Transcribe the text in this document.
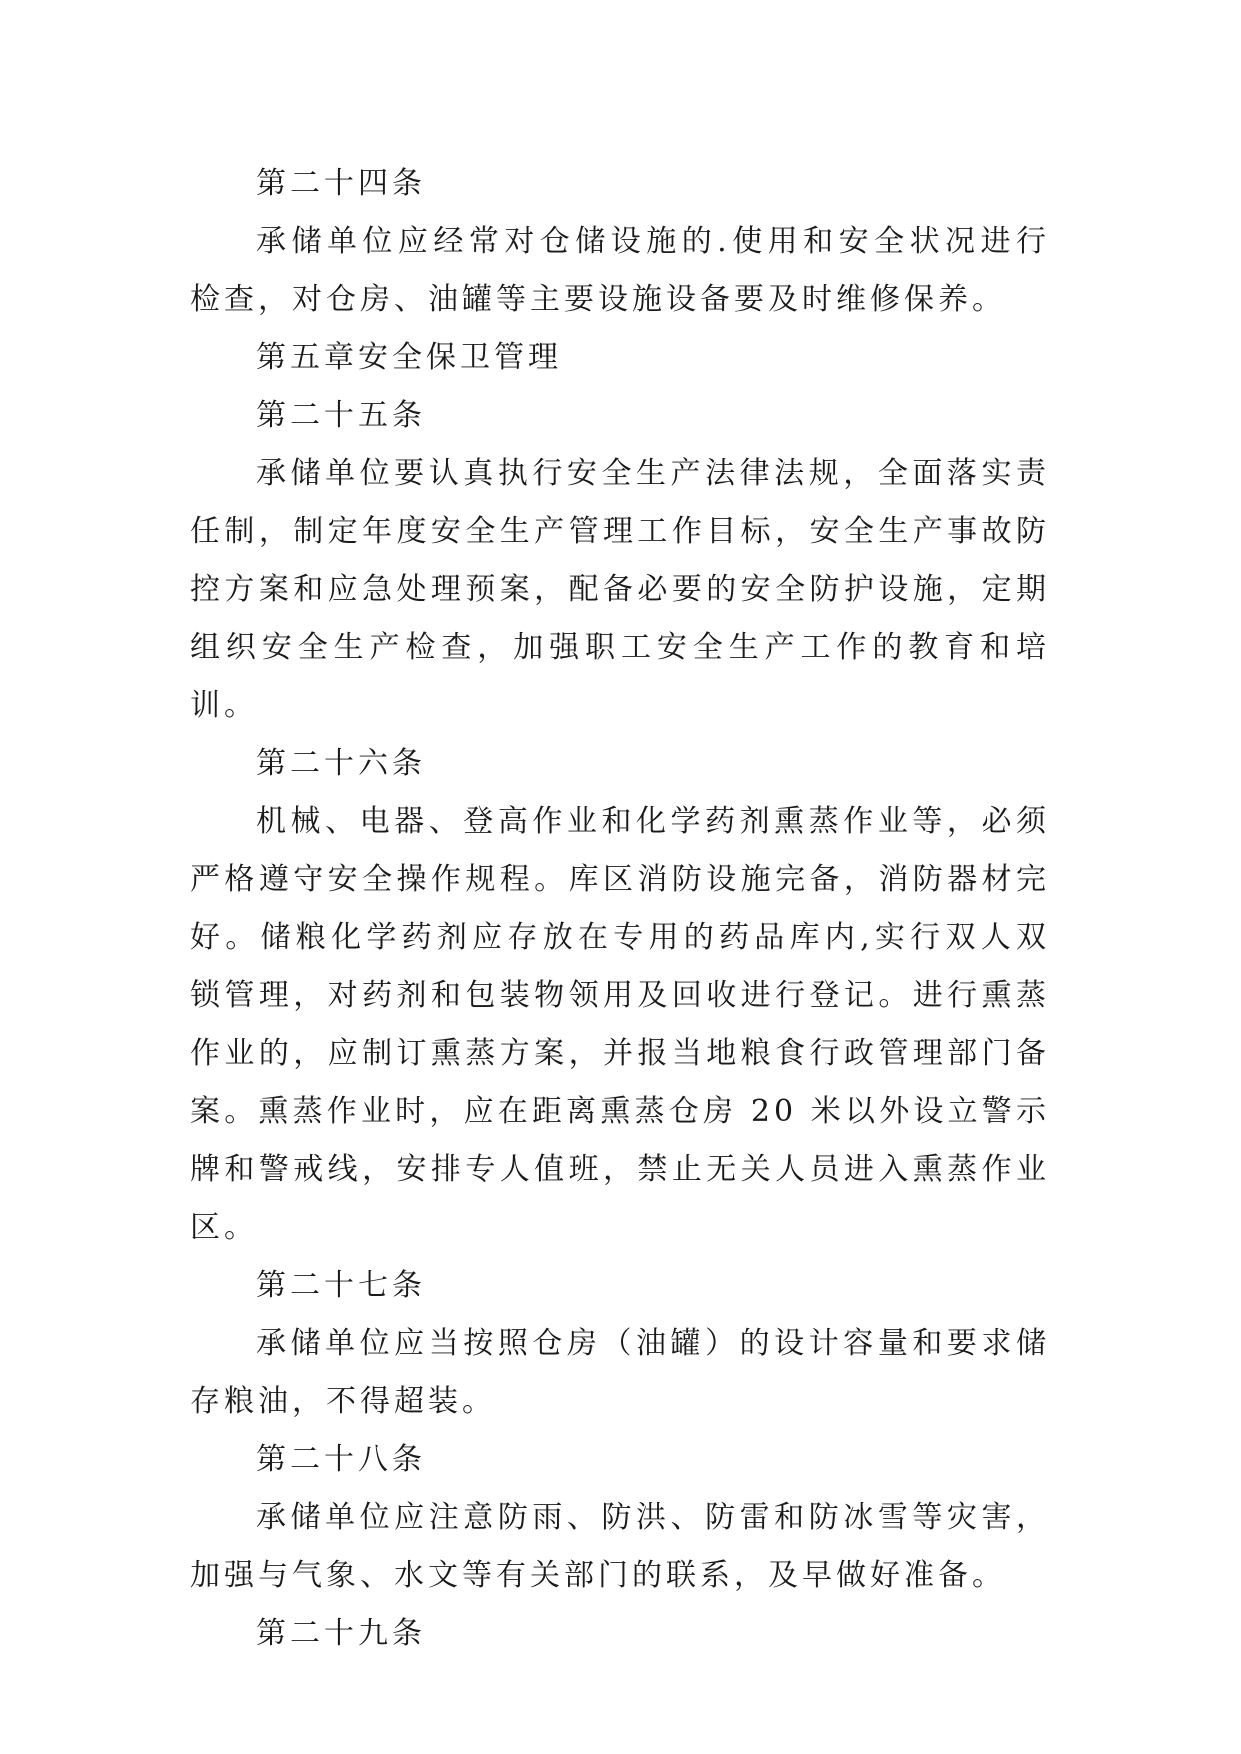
第二十四条

承储单位应经常对仓储设施的.使用和安全状况进行检查，对仓房、油罐等主要设施设备要及时维修保养。

第五章安全保卫管理

第二十五条

承储单位要认真执行安全生产法律法规，全面落实责任制，制定年度安全生产管理工作目标，安全生产事故防控方案和应急处理预案，配备必要的安全防护设施，定期组织安全生产检查，加强职工安全生产工作的教育和培训。

第二十六条

机械、电器、登高作业和化学药剂熏蒸作业等，必须严格遵守安全操作规程。库区消防设施完备，消防器材完好。储粮化学药剂应存放在专用的药品库内,实行双人双锁管理，对药剂和包装物领用及回收进行登记。进行熏蒸作业的，应制订熏蒸方案，并报当地粮食行政管理部门备案。熏蒸作业时，应在距离熏蒸仓房 20 米以外设立警示牌和警戒线，安排专人值班，禁止无关人员进入熏蒸作业区。

第二十七条

承储单位应当按照仓房（油罐）的设计容量和要求储存粮油，不得超装。

第二十八条

承储单位应注意防雨、防洪、防雷和防冰雪等灾害，加强与气象、水文等有关部门的联系，及早做好准备。

第二十九条
